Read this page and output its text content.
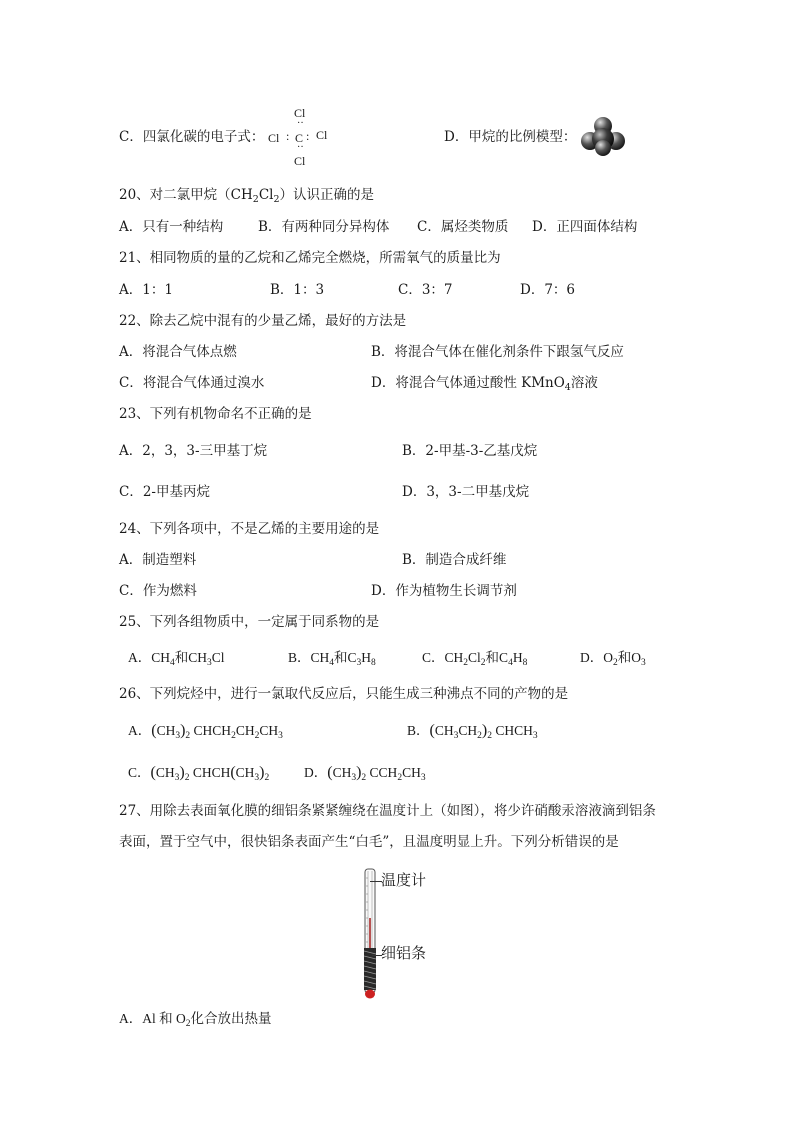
C．四氯化碳的电子式：
Cl
··
Cl : C : Cl
··
Cl
D．甲烷的比例模型：
20、对二氯甲烷$(CH_2Cl_2)$认识正确的是
A．只有一种结构	B．有两种同分异构体 C．属烃类物质 D．正四面体结构
21、相同物质的量的乙烷和乙烯完全燃烧，所需氧气的质量比为
A．1：1	B．1：3	C．3：7	D．7：6
22、除去乙烷中混有的少量乙烯，最好的方法是
A．将混合气体点燃	B．将混合气体在催化剂条件下跟氢气反应
C．将混合气体通过溴水	D．将混合气体通过酸性 KMnO$_4$溶液
23、下列有机物命名不正确的是
A．2，3，3-三甲基丁烷	B．2-甲基-3-乙基戊烷
C．2-甲基丙烷	D．3，3-二甲基戊烷
24、下列各项中，不是乙烯的主要用途的是
A．制造塑料	B．制造合成纤维
C．作为燃料	D．作为植物生长调节剂
25、下列各组物质中，一定属于同系物的是
A．$CH_4$和$CH_3Cl$	B．$CH_4$和$C_3H_8$	C．$CH_2Cl_2$和$C_4H_8$	D．$O_2$和$O_3$
26、下列烷烃中，进行一氯取代反应后，只能生成三种沸点不同的产物的是
A．$(CH_3)_2$ $CHCH_2CH_2CH_3$	B．$(CH_3CH_2)_2$ $CHCH_3$
C．$(CH_3)_2$ $CHCH(CH_3)_2$	D．$(CH_3)_2$ $CCH_2CH_3$
27、用除去表面氧化膜的细铝条紧紧缠绕在温度计上（如图），将少许硝酸汞溶液滴到铝条
表面，置于空气中，很快铝条表面产生“白毛”，且温度明显上升。下列分析错误的是
温度计
细铝条
A．Al 和 $O_2$化合放出热量
